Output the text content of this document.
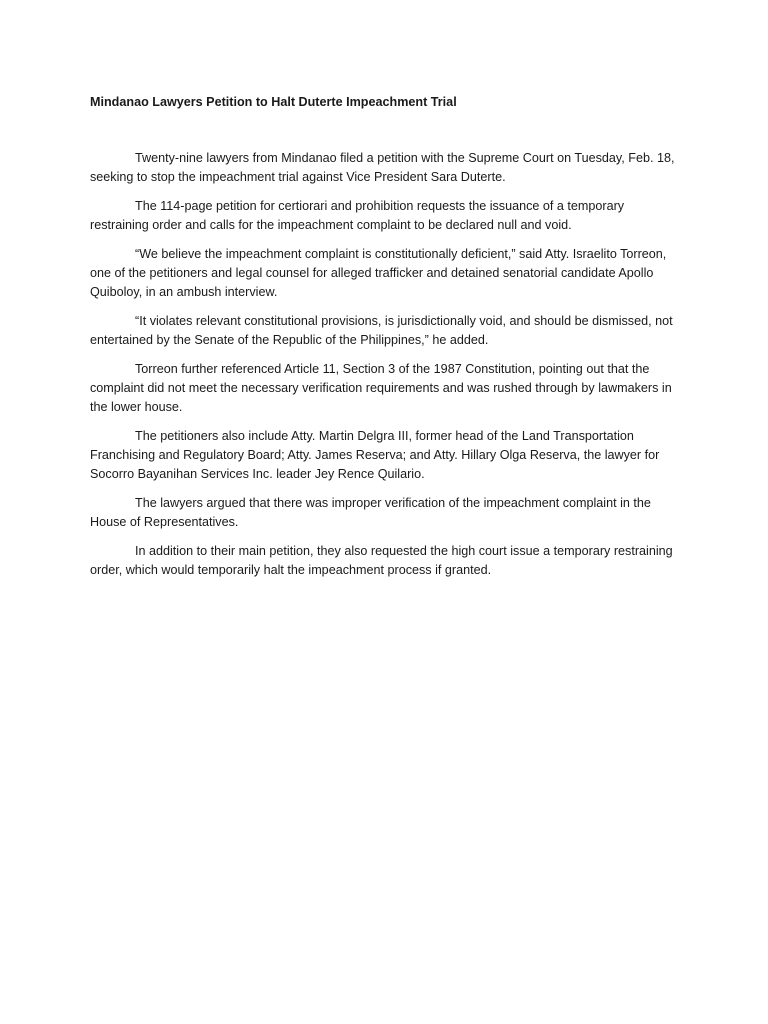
Mindanao Lawyers Petition to Halt Duterte Impeachment Trial

Twenty-nine lawyers from Mindanao filed a petition with the Supreme Court on Tuesday, Feb. 18, seeking to stop the impeachment trial against Vice President Sara Duterte.

The 114-page petition for certiorari and prohibition requests the issuance of a temporary restraining order and calls for the impeachment complaint to be declared null and void.

“We believe the impeachment complaint is constitutionally deficient,” said Atty. Israelito Torreon, one of the petitioners and legal counsel for alleged trafficker and detained senatorial candidate Apollo Quiboloy, in an ambush interview.

“It violates relevant constitutional provisions, is jurisdictionally void, and should be dismissed, not entertained by the Senate of the Republic of the Philippines,” he added.

Torreon further referenced Article 11, Section 3 of the 1987 Constitution, pointing out that the complaint did not meet the necessary verification requirements and was rushed through by lawmakers in the lower house.

The petitioners also include Atty. Martin Delgra III, former head of the Land Transportation Franchising and Regulatory Board; Atty. James Reserva; and Atty. Hillary Olga Reserva, the lawyer for Socorro Bayanihan Services Inc. leader Jey Rence Quilario.

The lawyers argued that there was improper verification of the impeachment complaint in the House of Representatives.

In addition to their main petition, they also requested the high court issue a temporary restraining order, which would temporarily halt the impeachment process if granted.
